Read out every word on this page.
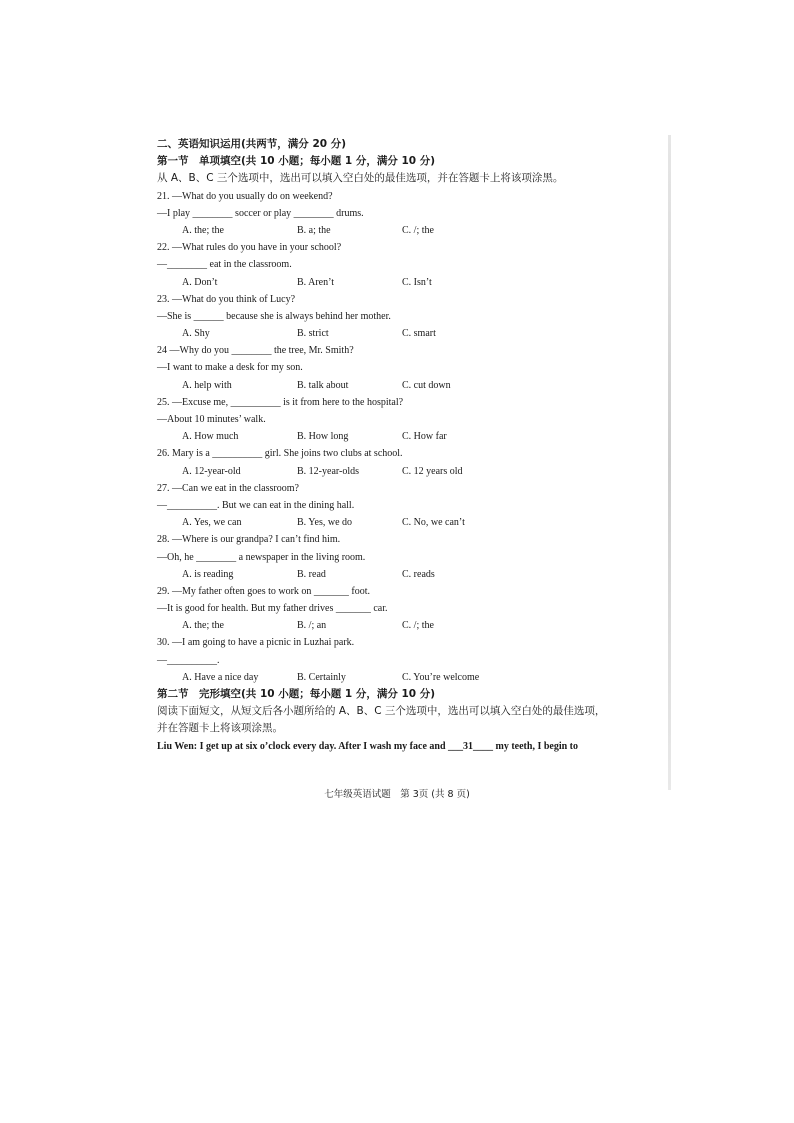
二、英语知识运用(共两节，满分 20 分)
第一节　单项填空(共 10 小题；每小题 1 分，满分 10 分)
从 A、B、C 三个选项中，选出可以填入空白处的最佳选项，并在答题卡上将该项涂黑。
21. —What do you usually do on weekend?
—I play ________ soccer or play ________ drums.
A. the; the	B. a; the	C. /; the
22. —What rules do you have in your school?
—________ eat in the classroom.
A. Don’t	B. Aren’t	C. Isn’t
23. —What do you think of Lucy?
—She is ______ because she is always behind her mother.
A. Shy	B. strict	C. smart
24 —Why do you ________ the tree, Mr. Smith?
—I want to make a desk for my son.
A. help with	B. talk about	C. cut down
25. —Excuse me, __________ is it from here to the hospital?
—About 10 minutes’ walk.
A. How much	B. How long	C. How far
26. Mary is a __________ girl. She joins two clubs at school.
A. 12-year-old	B. 12-year-olds	C. 12 years old
27. —Can we eat in the classroom?
—__________. But we can eat in the dining hall.
A. Yes, we can	B. Yes, we do	C. No, we can’t
28. —Where is our grandpa? I can’t find him.
—Oh, he ________ a newspaper in the living room.
A. is reading	B. read	C. reads
29. —My father often goes to work on _______ foot.
—It is good for health. But my father drives _______ car.
A. the; the	B. /; an	C. /; the
30. —I am going to have a picnic in Luzhai park.
—__________.
A. Have a nice day	B. Certainly	C. You’re welcome
第二节　完形填空(共 10 小题；每小题 1 分，满分 10 分)
阅读下面短文，从短文后各小题所给的 A、B、C 三个选项中，选出可以填入空白处的最佳选项，
并在答题卡上将该项涂黑。
Liu Wen: I get up at six o’clock every day. After I wash my face and ___31____ my teeth, I begin to
七年级英语试题　第 3页 (共 8 页)
